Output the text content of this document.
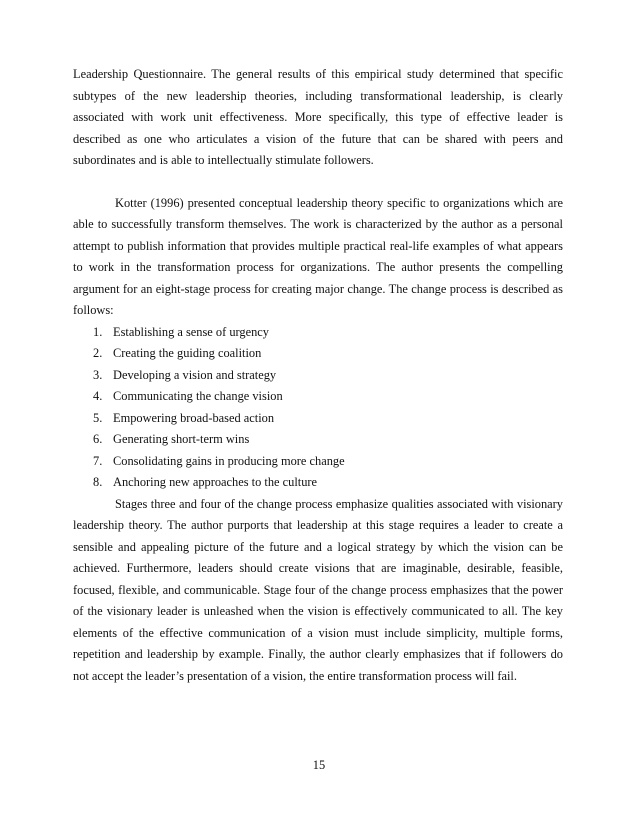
Leadership Questionnaire. The general results of this empirical study determined that specific subtypes of the new leadership theories, including transformational leadership, is clearly associated with work unit effectiveness. More specifically, this type of effective leader is described as one who articulates a vision of the future that can be shared with peers and subordinates and is able to intellectually stimulate followers.

Kotter (1996) presented conceptual leadership theory specific to organizations which are able to successfully transform themselves. The work is characterized by the author as a personal attempt to publish information that provides multiple practical real-life examples of what appears to work in the transformation process for organizations. The author presents the compelling argument for an eight-stage process for creating major change. The change process is described as follows:

1. Establishing a sense of urgency
2. Creating the guiding coalition
3. Developing a vision and strategy
4. Communicating the change vision
5. Empowering broad-based action
6. Generating short-term wins
7. Consolidating gains in producing more change
8. Anchoring new approaches to the culture

Stages three and four of the change process emphasize qualities associated with visionary leadership theory. The author purports that leadership at this stage requires a leader to create a sensible and appealing picture of the future and a logical strategy by which the vision can be achieved. Furthermore, leaders should create visions that are imaginable, desirable, feasible, focused, flexible, and communicable. Stage four of the change process emphasizes that the power of the visionary leader is unleashed when the vision is effectively communicated to all. The key elements of the effective communication of a vision must include simplicity, multiple forms, repetition and leadership by example. Finally, the author clearly emphasizes that if followers do not accept the leader’s presentation of a vision, the entire transformation process will fail.

15
